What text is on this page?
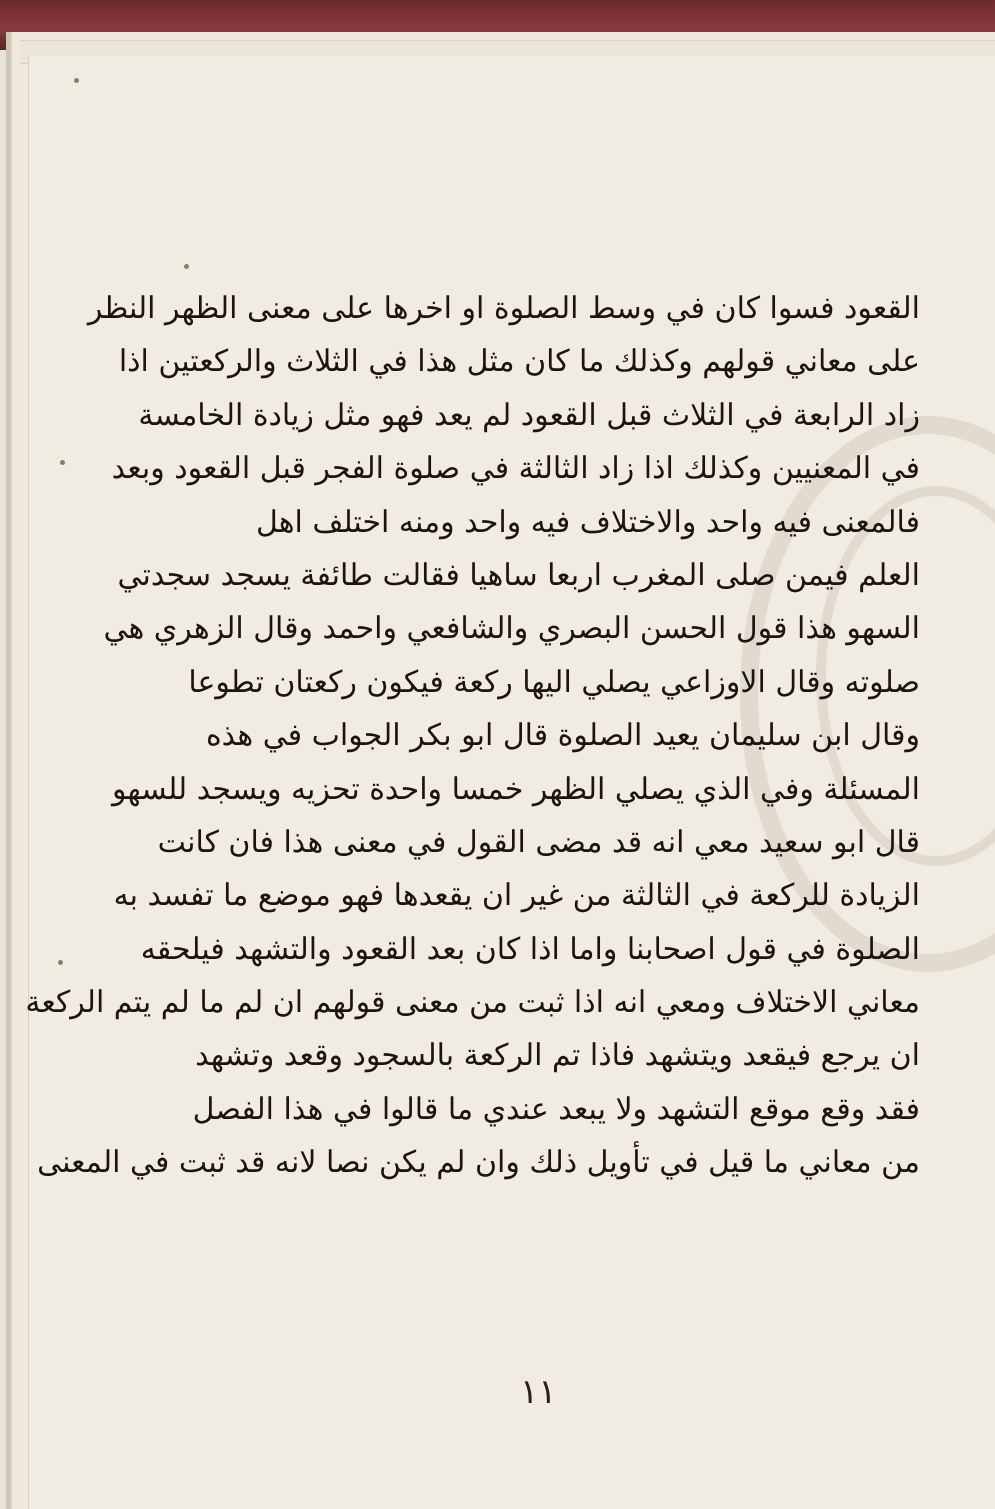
القعود فسوا كان في وسط الصلوة او اخرها على معنى الظهر النظر
على معاني قولهم وكذلك ما كان مثل هذا في الثلاث والركعتين اذا
زاد الرابعة في الثلاث قبل القعود لم يعد فهو مثل زيادة الخامسة
في المعنيين وكذلك اذا زاد الثالثة في صلوة الفجر قبل القعود وبعد
فالمعنى فيه واحد والاختلاف فيه واحد ومنه اختلف اهل
العلم فيمن صلى المغرب اربعا ساهيا فقالت طائفة يسجد سجدتي
السهو هذا قول الحسن البصري والشافعي واحمد وقال الزهري هي
صلوته وقال الاوزاعي يصلي اليها ركعة فيكون ركعتان تطوعا
وقال ابن سليمان يعيد الصلوة قال ابو بكر الجواب في هذه
المسئلة وفي الذي يصلي الظهر خمسا واحدة تحزيه ويسجد للسهو
قال ابو سعيد معي انه قد مضى القول في معنى هذا فان كانت
الزيادة للركعة في الثالثة من غير ان يقعدها فهو موضع ما تفسد به
الصلوة في قول اصحابنا واما اذا كان بعد القعود والتشهد فيلحقه
معاني الاختلاف ومعي انه اذا ثبت من معنى قولهم ان لم ما لم يتم الركعة
ان يرجع فيقعد ويتشهد فاذا تم الركعة بالسجود وقعد وتشهد
فقد وقع موقع التشهد ولا يبعد عندي ما قالوا في هذا الفصل
من معاني ما قيل في تأويل ذلك وان لم يكن نصا لانه قد ثبت في المعنى
١١
